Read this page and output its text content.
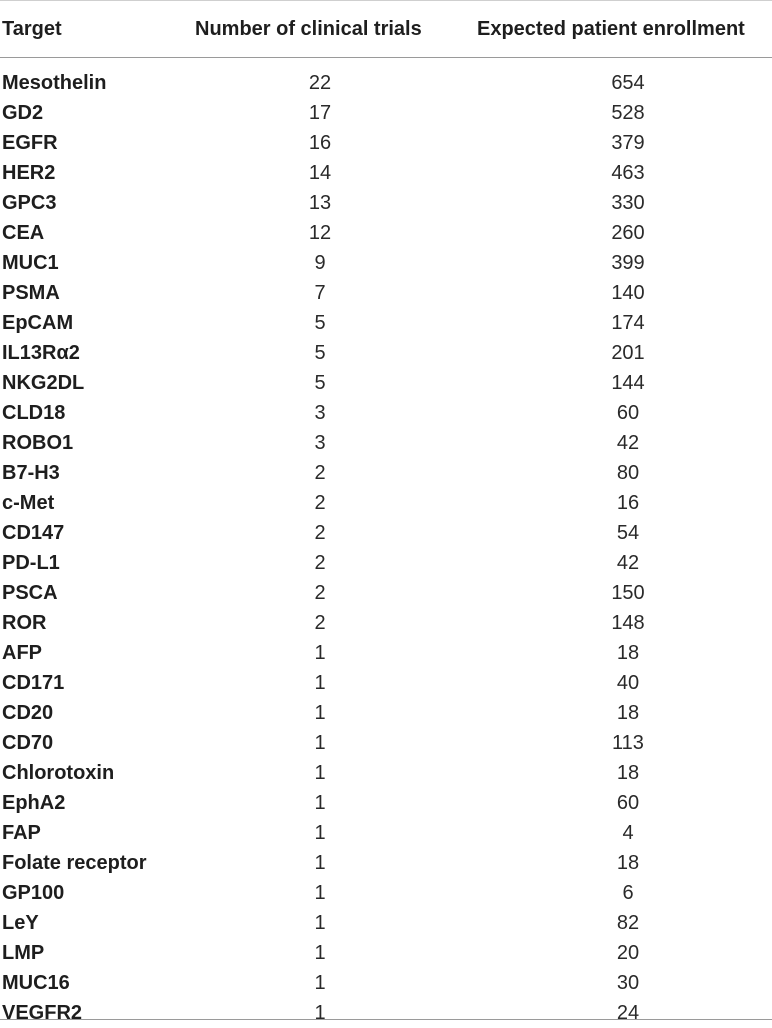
Target	Number of clinical trials	Expected patient enrollment
Mesothelin	22	654
GD2	17	528
EGFR	16	379
HER2	14	463
GPC3	13	330
CEA	12	260
MUC1	9	399
PSMA	7	140
EpCAM	5	174
IL13Rα2	5	201
NKG2DL	5	144
CLD18	3	60
ROBO1	3	42
B7-H3	2	80
c-Met	2	16
CD147	2	54
PD-L1	2	42
PSCA	2	150
ROR	2	148
AFP	1	18
CD171	1	40
CD20	1	18
CD70	1	113
Chlorotoxin	1	18
EphA2	1	60
FAP	1	4
Folate receptor	1	18
GP100	1	6
LeY	1	82
LMP	1	20
MUC16	1	30
VEGFR2	1	24
